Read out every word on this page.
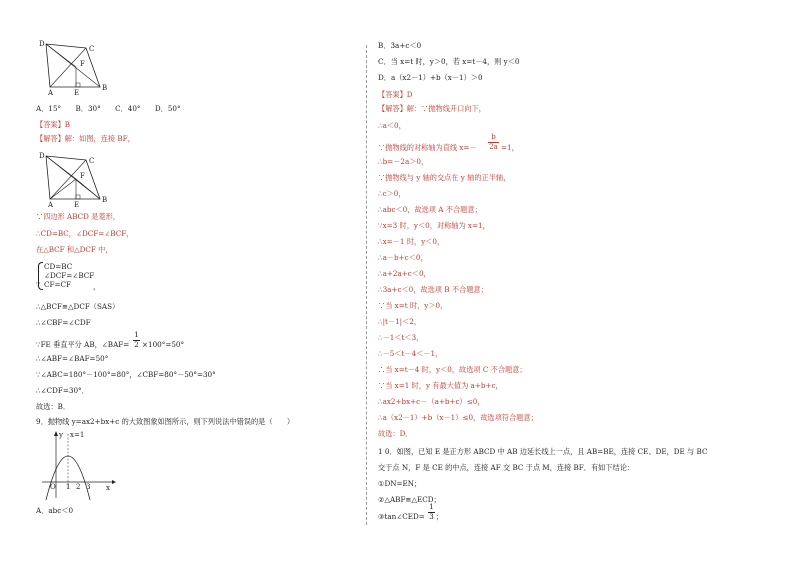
D
C
F
A	E
B
A．15°　　B．30°　　C．40°　　D．50°
【答案】B
【解答】解：如图，连接 BF，
D
C
F
A	E
B
∵四边形 ABCD 是菱形，
∴CD=BC，∠DCF=∠BCF，
在△BCF 和△DCF 中，
∵
CD=BC
∠DCF=∠BCF
CF=CF	，
∴△BCF≌△DCF（SAS）
∴∠CBF=∠CDF
∵FE 垂直平分 AB，∠BAF=
1
2 ×100°=50°
∴∠ABF=∠BAF=50°
∵∠ABC=180°－100°=80°，∠CBF=80°－50°=30°
∴∠CDF=30°．
故选：B．
9．抛物线 y=ax2+bx+c 的大致图象如图所示，则下列说法中错误的是（　　）
y x=1
O 1 2 3 x
A．abc＜0
B．3a+c＜0
C．当 x=t 时，y＞0，若 x=t－4，则 y＜0
D．a（x2－1）+b（x－1）＞0
【答案】D
【解答】解：∵抛物线开口向下，
∴a＜0，
∵抛物线的对称轴为直线 x=－
b
2a =1，
∴b=－2a＞0，
∵抛物线与 y 轴的交点在 y 轴的正半轴，
∴c＞0，
∴abc＜0，故选项 A 不合题意；
∵x=3 时，y＜0，对称轴为 x=1，
∴x=－1 时，y＜0，
∴a－b+c＜0，
∴a+2a+c＜0，
∴3a+c＜0，故选项 B 不合题意；
∵当 x=t 时，y＞0，
∴|t－1|＜2，
∴－1＜t＜3，
∴－5＜t－4＜－1，
∴当 x=t－4 时，y＜0，故选项 C 不合题意；
∵当 x=1 时，y 有最大值为 a+b+c，
∴ax2+bx+c－（a+b+c）≤0，
∴a（x2－1）+b（x－1）≤0，故选项符合题意；
故选：D．
1 0．如图，已知 E 是正方形 ABCD 中 AB 边延长线上一点，且 AB=BE，连接 CE、DE，DE 与 BC
交于点 N，F 是 CE 的中点，连接 AF 交 BC 于点 M，连接 BF．有如下结论：
①DN=EN；
②△ABF≌△ECD；
③tan∠CED=
1
3 ；
